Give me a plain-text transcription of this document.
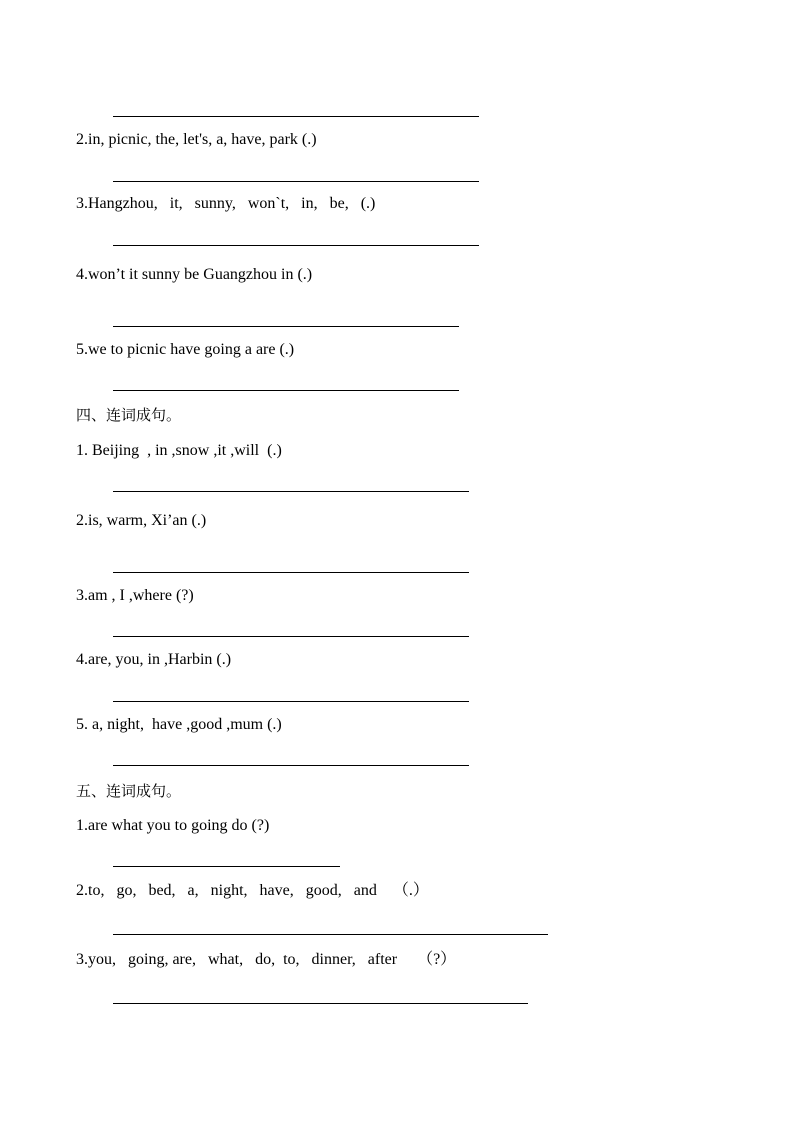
2.in, picnic, the, let's, a, have, park (.)
3.Hangzhou,   it,   sunny,   won`t,   in,   be,   (.)
4.won’t it sunny be Guangzhou in (.)
5.we to picnic have going a are (.)
四、连词成句。
1. Beijing  , in ,snow ,it ,will  (.)
2.is, warm, Xi’an (.)
3.am , I ,where (?)
4.are, you, in ,Harbin (.)
5. a, night,  have ,good ,mum (.)
五、连词成句。
1.are what you to going do (?)
2.to,   go,   bed,   a,   night,   have,   good,   and    （.）
3.you,   going, are,   what,   do,  to,   dinner,   after     （?）
